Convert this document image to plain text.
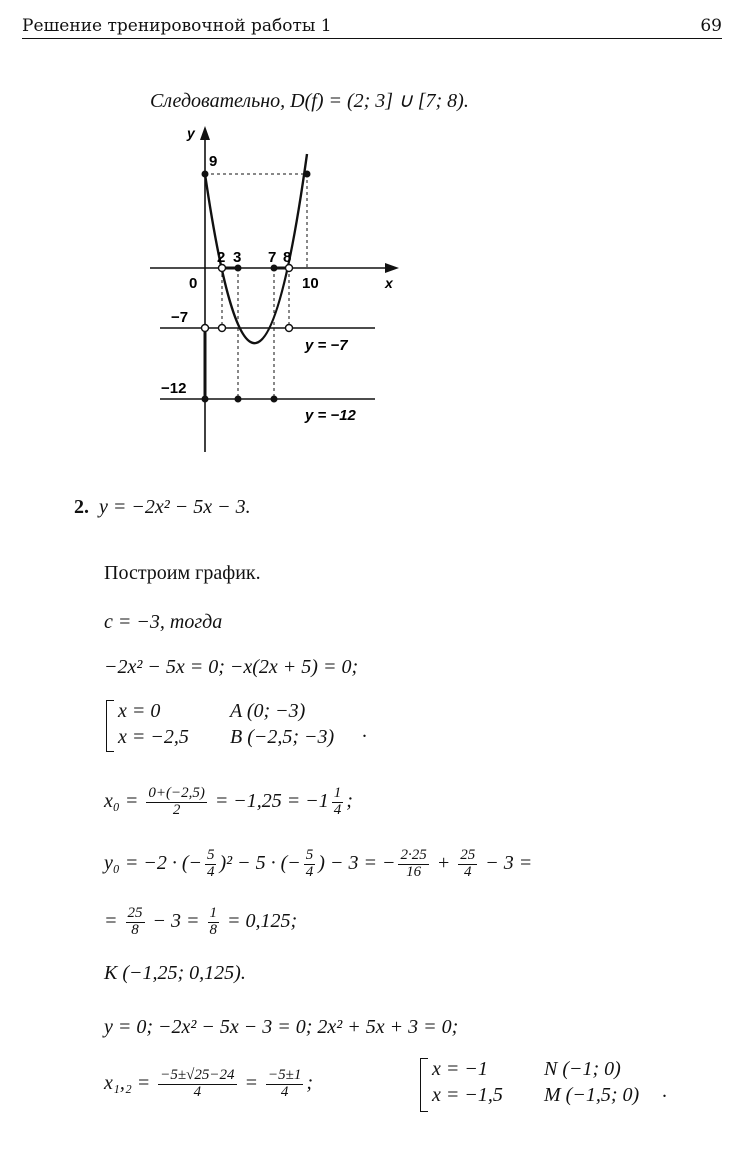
Решение тренировочной работы 1	69
Следовательно, D(f) = (2; 3] ∪ [7; 8).
y
x
9
0
2 3 7 8
10
−7
−12
y = −7
y = −12
2. y = −2x² − 5x − 3.
Построим график.
c = −3, тогда
−2x² − 5x = 0; −x(2x + 5) = 0;
x = 0	A (0; −3)
x = −2,5 B (−2,5; −3) .
$x_0 = \frac{0+(-2,5)}{2} = -1,25 = -1 \frac{1}{4}$ ;
y₀ = −2 · (− $\frac{5}{4} )^2 - 5$ · (− $\frac{5}{4}$ ) − 3 = − $\frac{2\cdot 25}{16} + \frac{25}{4} - 3$ =
= $\frac{25}{8} - 3 = \frac{1}{8} = 0,125$;
K (−1,25; 0,125).
y = 0; −2x² − 5x − 3 = 0; 2x² + 5x + 3 = 0;
$x_1,_2 = \frac{-5\pm√25-24}{4} = \frac{-5\pm 1}{4}$ ;
x = −1	N (−1; 0)
x = −1,5 M (−1,5; 0) .
